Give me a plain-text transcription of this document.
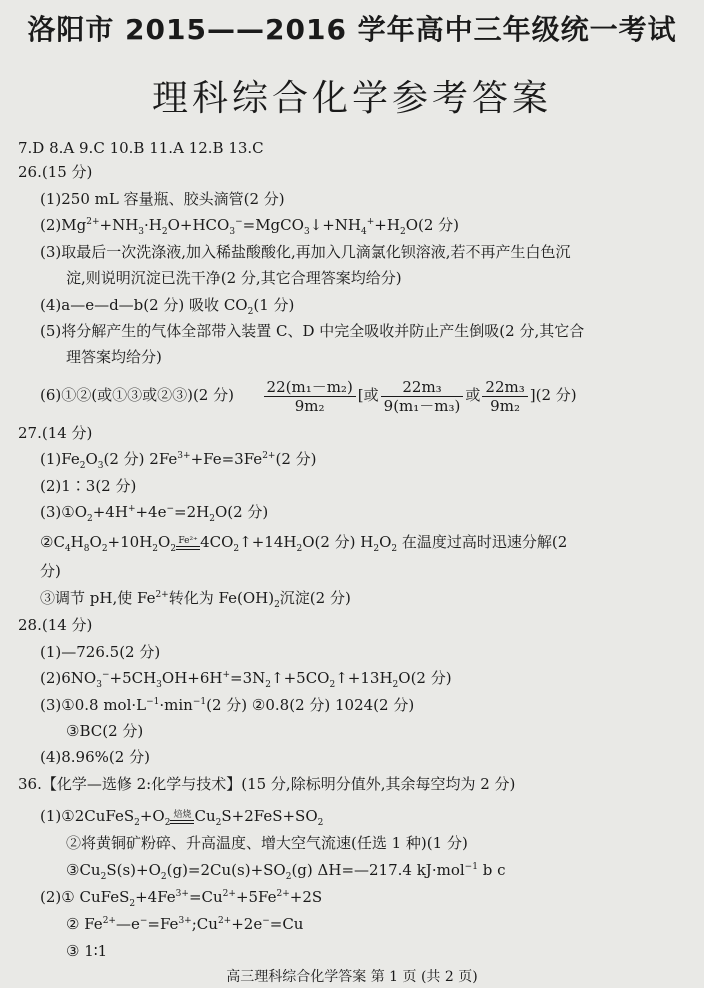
洛阳市 2015——2016 学年高中三年级统一考试
理科综合化学参考答案
7.D 8.A 9.C 10.B 11.A 12.B 13.C
26.(15 分)
(1)250 mL 容量瓶、胶头滴管(2 分)
$(2)Mg^{2+}+NH_3\cdot H_2O+HCO_3^-=MgCO_3↓+NH_4^++H_2O(2$ 分)
(3)取最后一次洗涤液,加入稀盐酸酸化,再加入几滴氯化钡溶液,若不再产生白色沉
淀,则说明沉淀已洗干净(2 分,其它合理答案均给分)
(4)a—e—d—b(2 分) 吸收 $CO_2(1$ 分)
(5)将分解产生的气体全部带入装置 C、D 中完全吸收并防止产生倒吸(2 分,其它合
理答案均给分)
(6)①②(或①③或②③)(2 分) $\frac{\text{22(m₁－m₂)}}{\text{9m₂}}$ [或 $\frac{\text{22m₃}}{\text{9(m₁－m₃)}}$ 或 $\frac{\text{22m₃}}{\text{9m₂}} ](2$ 分)
27.(14 分)
$(1)Fe_2O_3(2$ 分) $2Fe^{3+}+Fe=3Fe^{2+}(2$ 分)
(2)1∶3(2 分)
$(3)①O_2+4H^++4e^-=2H_2O(2$ 分)
$②C_4H_8O_2+10H_2O_2$
Fe²⁺ $4CO_2↑+14H_2O(2$ 分) $H_2O_2$ 在温度过高时迅速分解(2
分)
③调节 pH,使 $Fe^{2+}$转化为 $Fe(OH)_2$沉淀(2 分)
28.(14 分)
(1)—726.5(2 分)
$(2)6NO_3^-+5CH_3OH+6H^+=3N_2↑+5CO_2↑+13H_2O(2$ 分)
(3)①0.8 $mol\cdot L^{-1}\cdot\min^{-1}(2$ 分) ②0.8(2 分) 1024(2 分)
③BC(2 分)
(4)8.96%(2 分)
36.【化学—选修 2:化学与技术】(15 分,除标明分值外,其余每空均为 2 分)
$(1)①2CuFeS_2+O_2$
焙烧 $Cu_2S+2FeS+SO_2$
②将黄铜矿粉碎、升高温度、增大空气流速(任选 1 种)(1 分)
$③Cu_2S(s)+O_2(g)=2Cu(s)+SO_2(g)$ ΔH=—217.4 kJ·mol$^{-1}$ b c
(2)① $CuFeS_2+4Fe^{3+}=Cu^{2+}+5Fe^{2+}+2S$
② $Fe^{2+}—e^-=Fe^{3+};Cu^{2+}+2e^-=Cu$
③ 1∶1
高三理科综合化学答案 第 1 页 (共 2 页)
